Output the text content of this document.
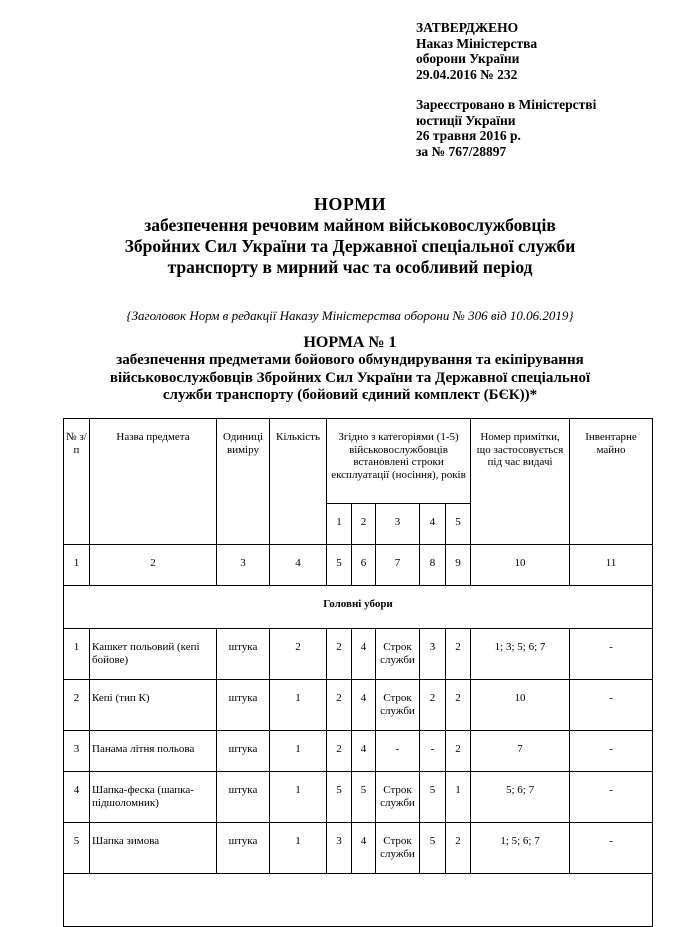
ЗАТВЕРДЖЕНО
Наказ Міністерства
оборони України
29.04.2016 № 232
Зареєстровано в Міністерстві
юстиції України
26 травня 2016 р.
за № 767/28897
НОРМИ
забезпечення речовим майном військовослужбовців
Збройних Сил України та Державної спеціальної служби
транспорту в мирний час та особливий період
{Заголовок Норм в редакції Наказу Міністерства оборони № 306 від 10.06.2019}
НОРМА № 1
забезпечення предметами бойового обмундирування та екіпірування
військовослужбовців Збройних Сил України та Державної спеціальної
служби транспорту (бойовий єдиний комплект (БЄК))*
№ з/п	Назва предмета	Одиниці виміру	Кількість	Згідно з категоріями (1-5) військовослужбовців встановлені строки експлуатації (носіння), років					Номер примітки, що застосовується під час видачі	Інвентарне майно
				1	2	3	4	5		
1	2	3	4	5	6	7	8	9	10	11
Головні убори										
1	Кашкет польовий (кепі бойове)	штука	2	2	4	Строк служби	3	2	1; 3; 5; 6; 7	-
2	Кепі (тип К)	штука	1	2	4	Строк служби	2	2	10	-
3	Панама літня польова	штука	1	2	4	-	-	2	7	-
4	Шапка-феска (шапка-підшоломник)	штука	1	5	5	Строк служби	5	1	5; 6; 7	-
5	Шапка зимова	штука	1	3	4	Строк служби	5	2	1; 5; 6; 7	-
